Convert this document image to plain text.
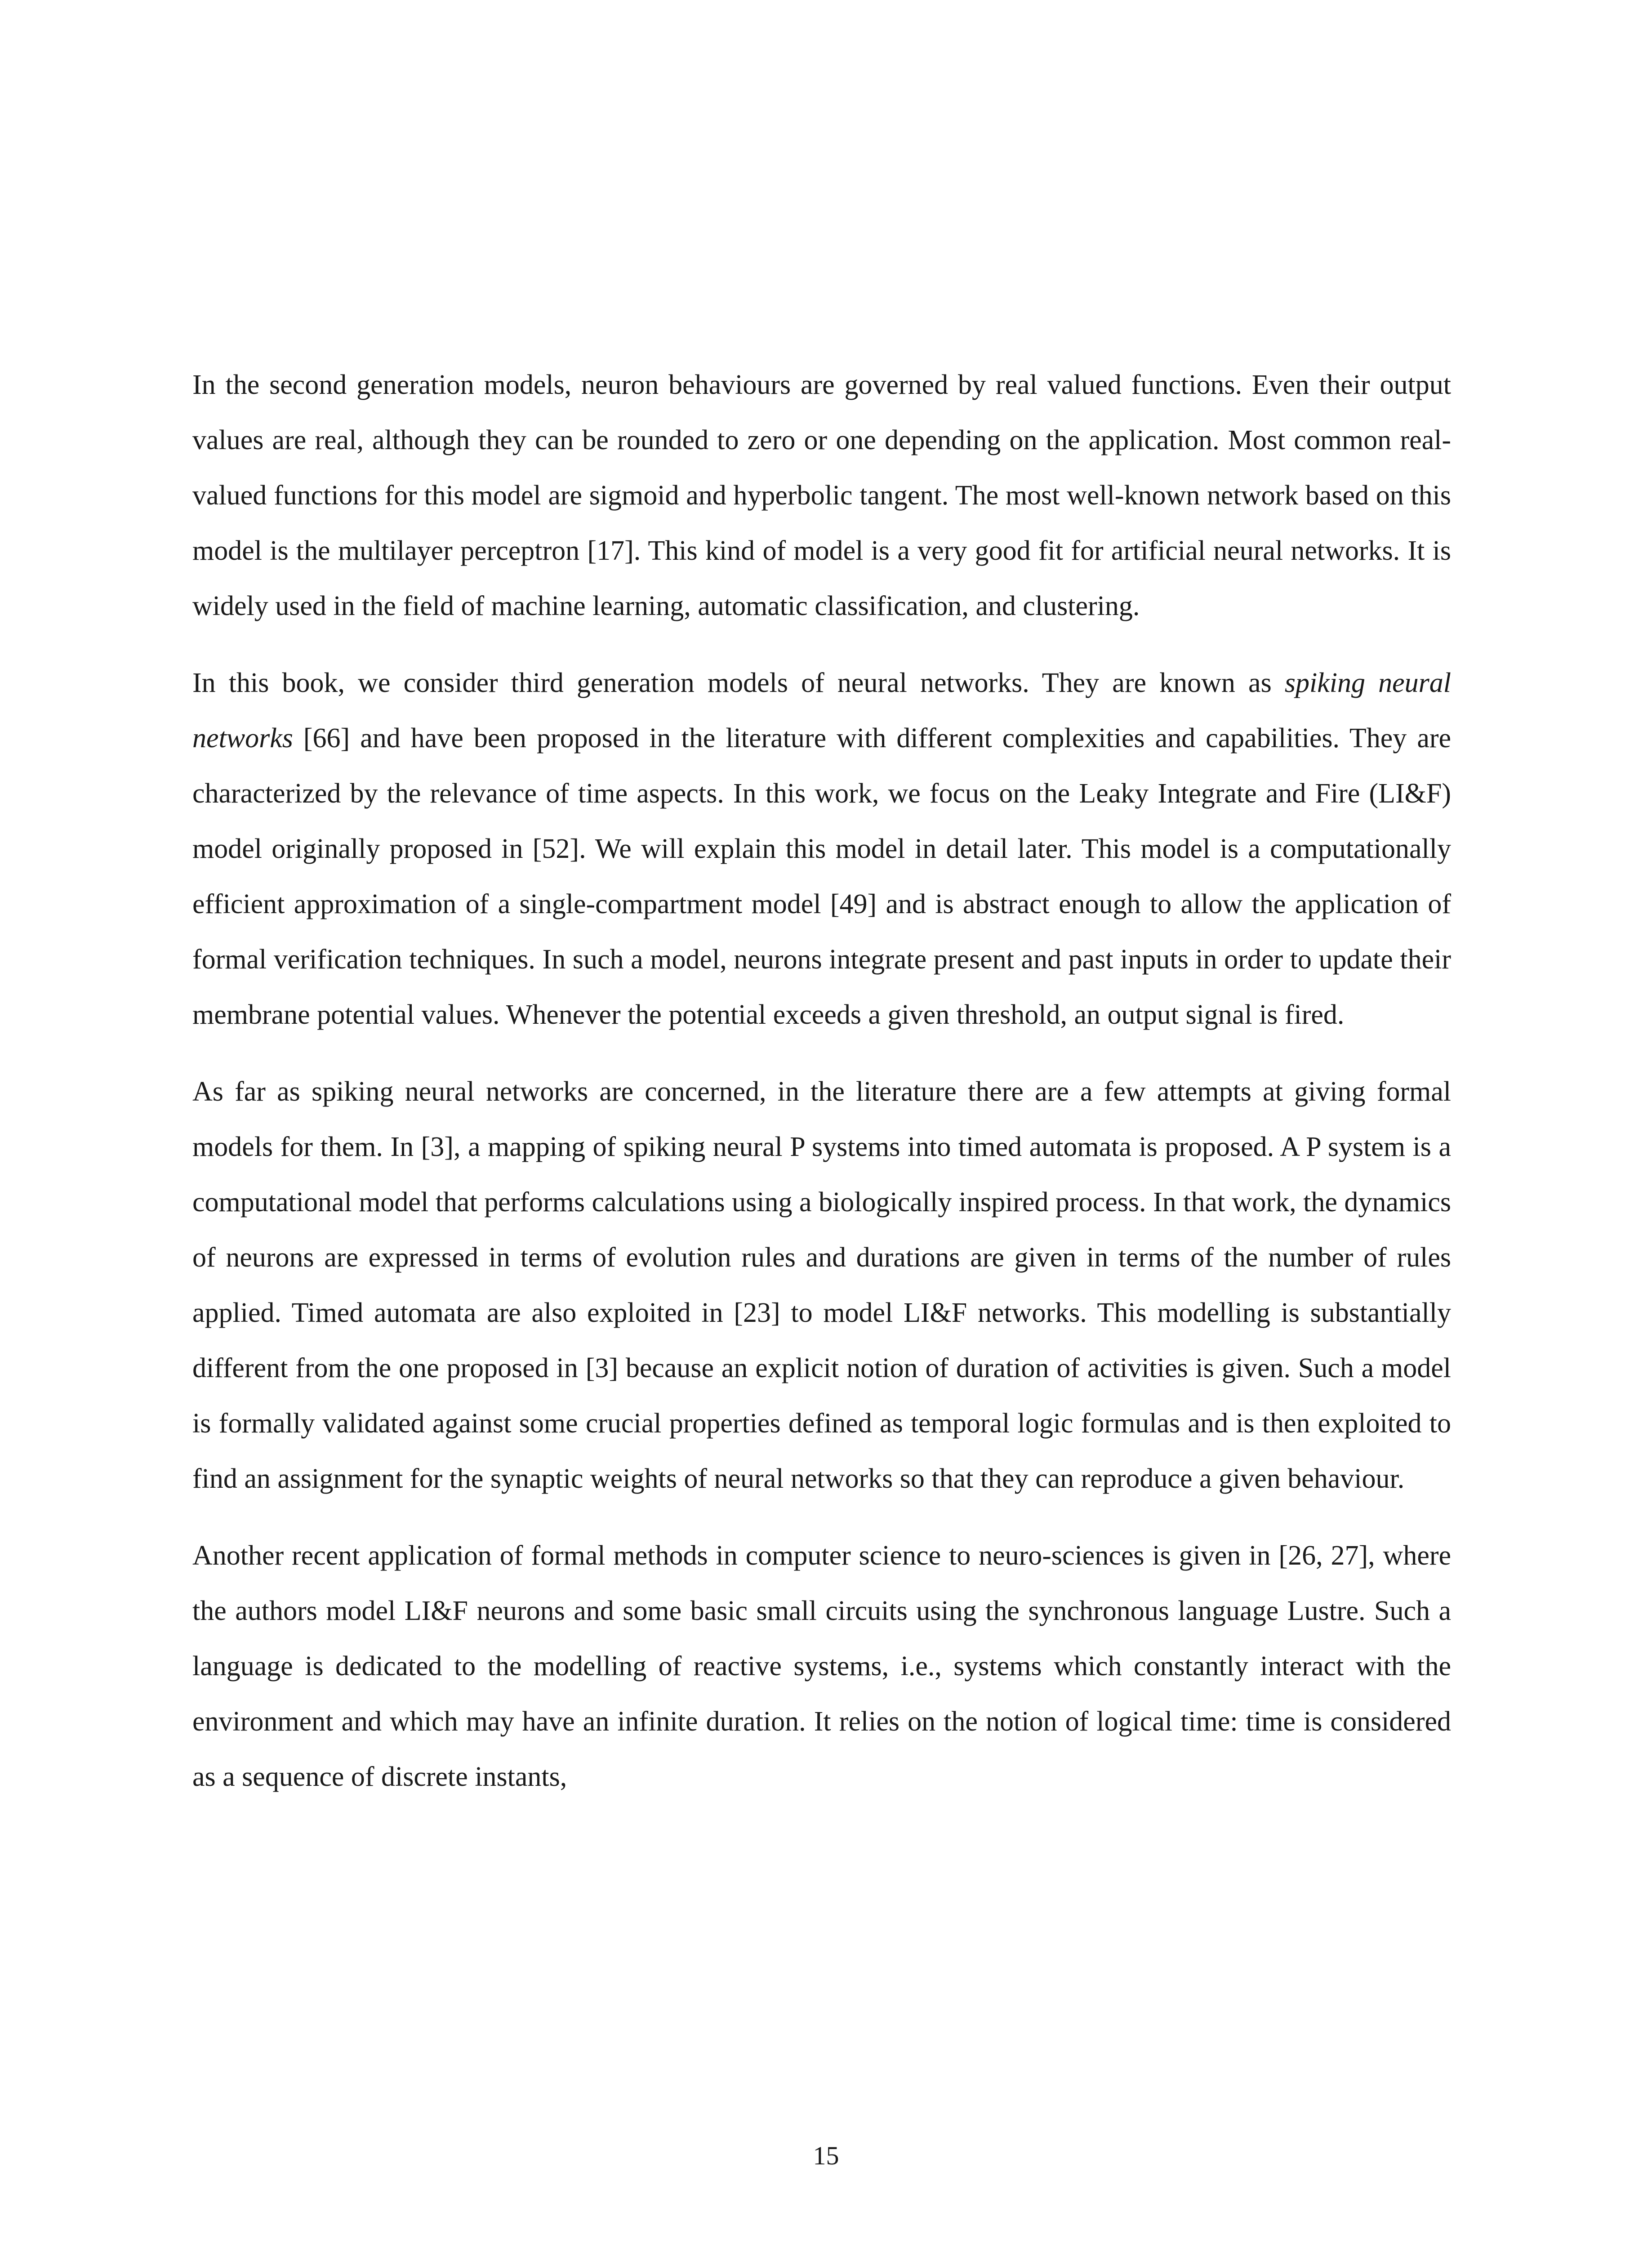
In the second generation models, neuron behaviours are governed by real valued functions. Even their output values are real, although they can be rounded to zero or one depending on the application. Most common real-valued functions for this model are sigmoid and hyperbolic tangent. The most well-known network based on this model is the multilayer perceptron [17]. This kind of model is a very good fit for artificial neural networks. It is widely used in the field of machine learning, automatic classification, and clustering.

In this book, we consider third generation models of neural networks. They are known as spiking neural networks [66] and have been proposed in the literature with different complexities and capabilities. They are characterized by the relevance of time aspects. In this work, we focus on the Leaky Integrate and Fire (LI&F) model originally proposed in [52]. We will explain this model in detail later. This model is a computationally efficient approximation of a single-compartment model [49] and is abstract enough to allow the application of formal verification techniques. In such a model, neurons integrate present and past inputs in order to update their membrane potential values. Whenever the potential exceeds a given threshold, an output signal is fired.

As far as spiking neural networks are concerned, in the literature there are a few attempts at giving formal models for them. In [3], a mapping of spiking neural P systems into timed automata is proposed. A P system is a computational model that performs calculations using a biologically inspired process. In that work, the dynamics of neurons are expressed in terms of evolution rules and durations are given in terms of the number of rules applied. Timed automata are also exploited in [23] to model LI&F networks. This modelling is substantially different from the one proposed in [3] because an explicit notion of duration of activities is given. Such a model is formally validated against some crucial properties defined as temporal logic formulas and is then exploited to find an assignment for the synaptic weights of neural networks so that they can reproduce a given behaviour.

Another recent application of formal methods in computer science to neuro-sciences is given in [26, 27], where the authors model LI&F neurons and some basic small circuits using the synchronous language Lustre. Such a language is dedicated to the modelling of reactive systems, i.e., systems which constantly interact with the environment and which may have an infinite duration. It relies on the notion of logical time: time is considered as a sequence of discrete instants,

15
